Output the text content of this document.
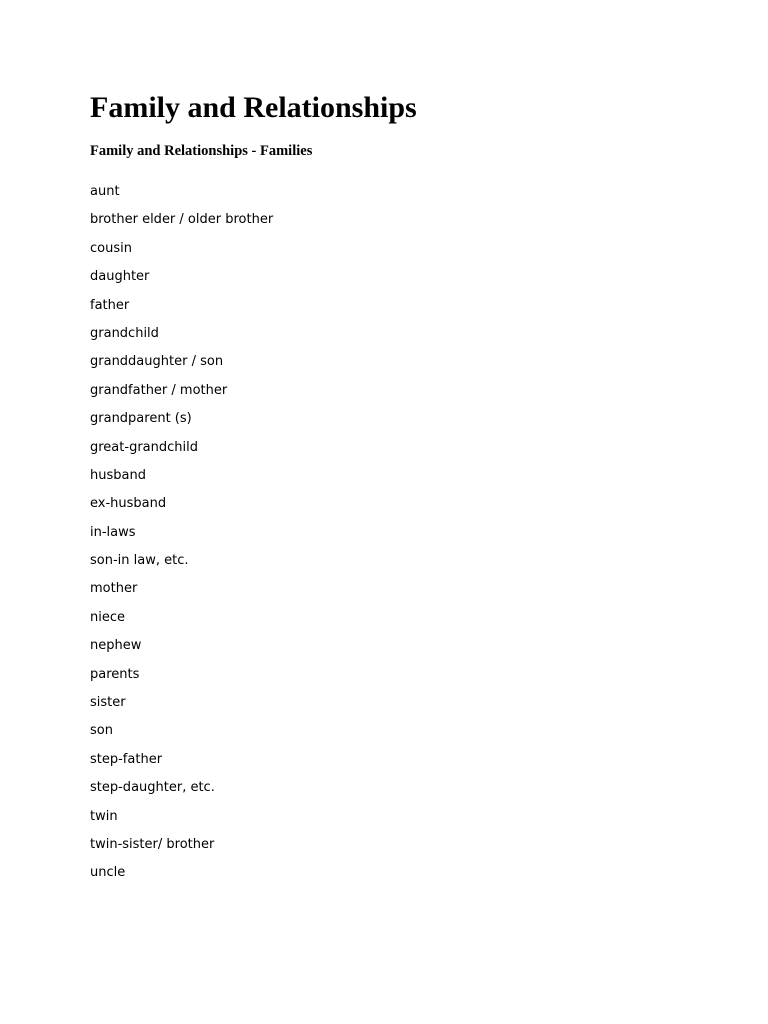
Family and Relationships
Family and Relationships - Families
aunt
brother elder / older brother
cousin
daughter
father
grandchild
granddaughter / son
grandfather / mother
grandparent (s)
great-grandchild
husband
ex-husband
in-laws
son-in law, etc.
mother
niece
nephew
parents
sister
son
step-father
step-daughter, etc.
twin
twin-sister/ brother
uncle
